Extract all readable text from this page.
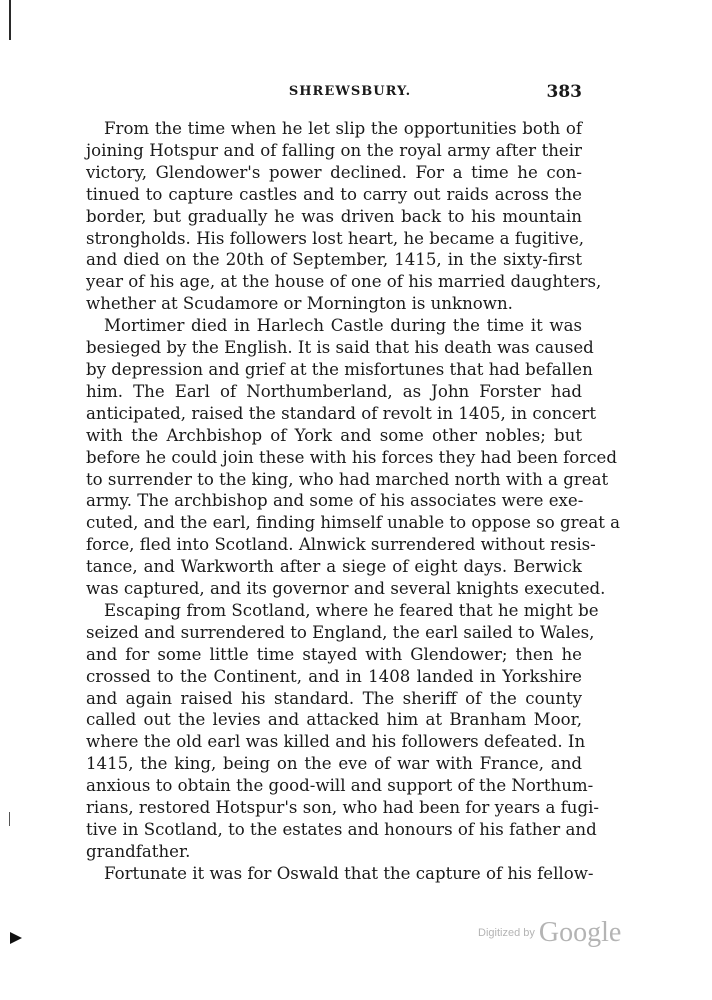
SHREWSBURY.	383
From the time when he let slip the opportunities both of
joining Hotspur and of falling on the royal army after their
victory, Glendower's power declined. For a time he con-
tinued to capture castles and to carry out raids across the
border, but gradually he was driven back to his mountain
strongholds. His followers lost heart, he became a fugitive,
and died on the 20th of September, 1415, in the sixty-first
year of his age, at the house of one of his married daughters,
whether at Scudamore or Mornington is unknown.
Mortimer died in Harlech Castle during the time it was
besieged by the English. It is said that his death was caused
by depression and grief at the misfortunes that had befallen
him. The Earl of Northumberland, as John Forster had
anticipated, raised the standard of revolt in 1405, in concert
with the Archbishop of York and some other nobles; but
before he could join these with his forces they had been forced
to surrender to the king, who had marched north with a great
army. The archbishop and some of his associates were exe-
cuted, and the earl, finding himself unable to oppose so great a
force, fled into Scotland. Alnwick surrendered without resis-
tance, and Warkworth after a siege of eight days. Berwick
was captured, and its governor and several knights executed.
Escaping from Scotland, where he feared that he might be
seized and surrendered to England, the earl sailed to Wales,
and for some little time stayed with Glendower; then he
crossed to the Continent, and in 1408 landed in Yorkshire
and again raised his standard. The sheriff of the county
called out the levies and attacked him at Branham Moor,
where the old earl was killed and his followers defeated. In
1415, the king, being on the eve of war with France, and
anxious to obtain the good-will and support of the Northum-
rians, restored Hotspur's son, who had been for years a fugi-
tive in Scotland, to the estates and honours of his father and
grandfather.
Fortunate it was for Oswald that the capture of his fellow-
Digitized by Google
